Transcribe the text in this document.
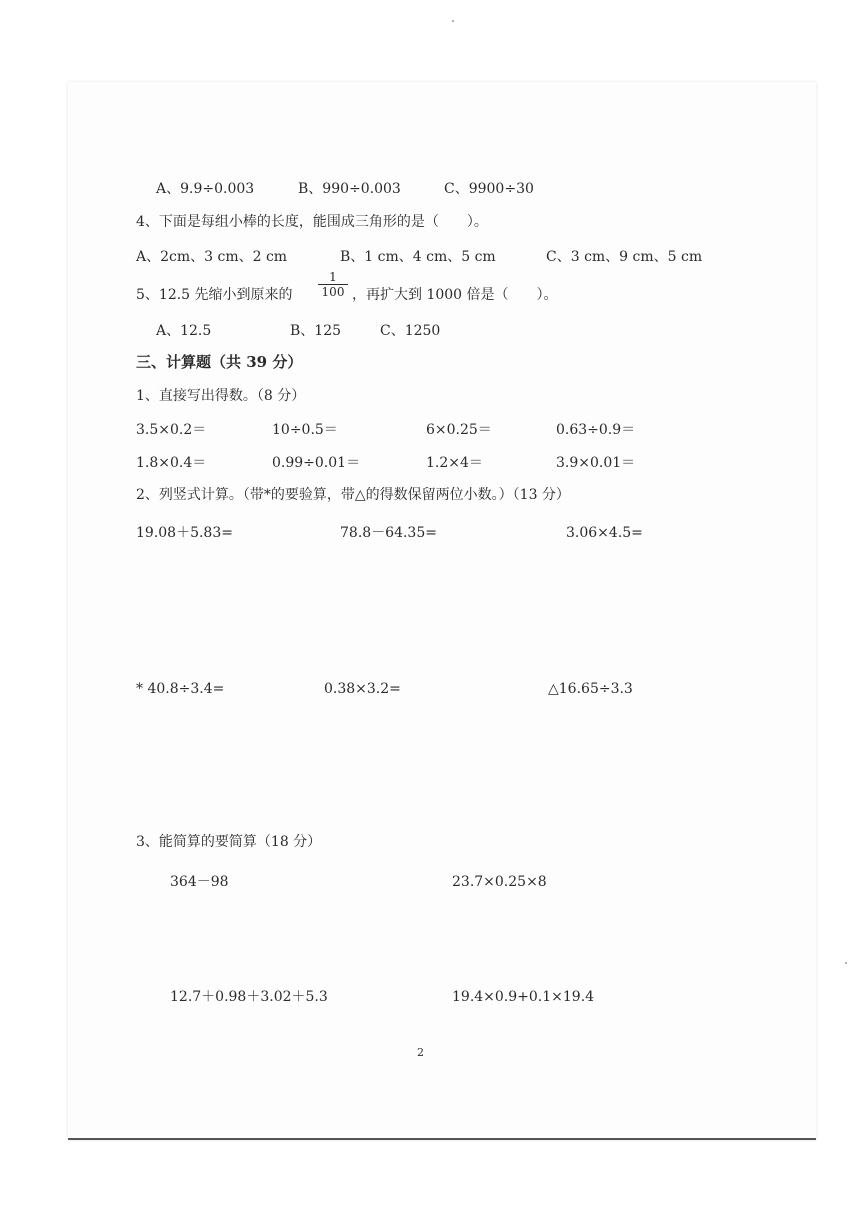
A、9.9÷0.003	B、990÷0.003	C、9900÷30
4、下面是每组小棒的长度，能围成三角形的是（　　）。
A、2cm、3 cm、2 cm	B、1 cm、4 cm、5 cm	C、3 cm、9 cm、5 cm
5、12.5 先缩小到原来的 $\frac{1}{100}$ ，再扩大到 1000 倍是（　　）。
A、12.5	B、125	C、1250
三、计算题（共 39 分）
1、直接写出得数。（8 分）
3.5×0.2＝	10÷0.5＝	6×0.25＝	0.63÷0.9＝
1.8×0.4＝	0.99÷0.01＝	1.2×4＝	3.9×0.01＝
2、列竖式计算。（带*的要验算，带△的得数保留两位小数。）（13 分）
19.08＋5.83=	78.8－64.35=	3.06×4.5=
* 40.8÷3.4=	0.38×3.2=	△16.65÷3.3
3、能简算的要简算（18 分）
364－98	23.7×0.25×8
12.7＋0.98＋3.02＋5.3	19.4×0.9+0.1×19.4
2
